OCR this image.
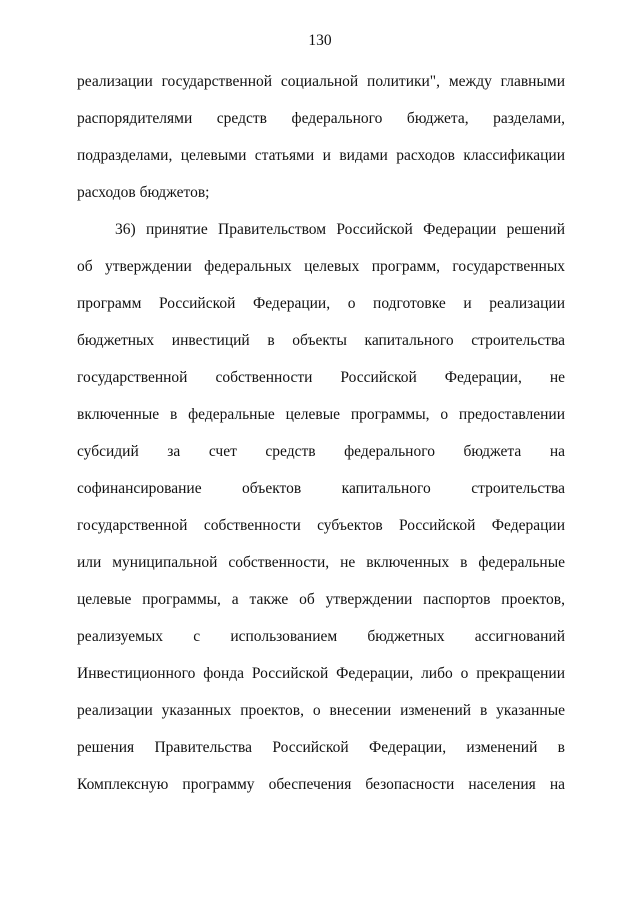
130
реализации государственной социальной политики", между главными
распорядителями средств федерального бюджета, разделами,
подразделами, целевыми статьями и видами расходов классификации
расходов бюджетов;
36) принятие Правительством Российской Федерации решений
об утверждении федеральных целевых программ, государственных
программ Российской Федерации, о подготовке и реализации
бюджетных инвестиций в объекты капитального строительства
государственной собственности Российской Федерации, не
включенные в федеральные целевые программы, о предоставлении
субсидий за счет средств федерального бюджета на
софинансирование объектов капитального строительства
государственной собственности субъектов Российской Федерации
или муниципальной собственности, не включенных в федеральные
целевые программы, а также об утверждении паспортов проектов,
реализуемых с использованием бюджетных ассигнований
Инвестиционного фонда Российской Федерации, либо о прекращении
реализации указанных проектов, о внесении изменений в указанные
решения Правительства Российской Федерации, изменений в
Комплексную программу обеспечения безопасности населения на
